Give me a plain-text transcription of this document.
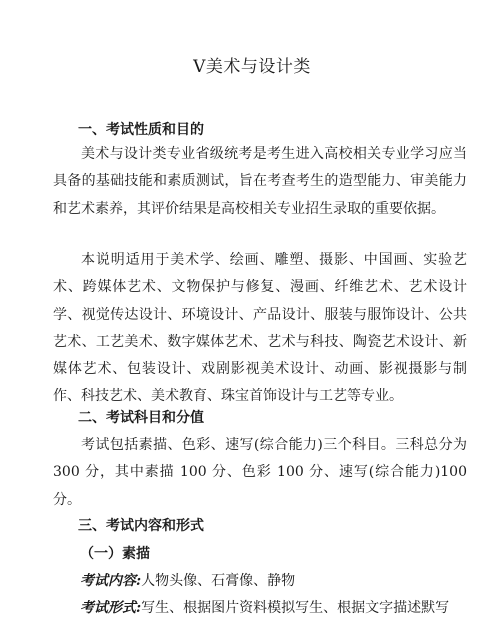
Ⅴ美术与设计类
一、考试性质和目的

美术与设计类专业省级统考是考生进入高校相关专业学习应当具备的基础技能和素质测试，旨在考查考生的造型能力、审美能力和艺术素养，其评价结果是高校相关专业招生录取的重要依据。

本说明适用于美术学、绘画、雕塑、摄影、中国画、实验艺术、跨媒体艺术、文物保护与修复、漫画、纤维艺术、艺术设计学、视觉传达设计、环境设计、产品设计、服装与服饰设计、公共艺术、工艺美术、数字媒体艺术、艺术与科技、陶瓷艺术设计、新媒体艺术、包装设计、戏剧影视美术设计、动画、影视摄影与制作、科技艺术、美术教育、珠宝首饰设计与工艺等专业。

二、考试科目和分值

考试包括素描、色彩、速写(综合能力)三个科目。三科总分为 300 分，其中素描 100 分、色彩 100 分、速写(综合能力)100 分。

三、考试内容和形式
（一）素描
考试内容:人物头像、石膏像、静物
考试形式:写生、根据图片资料模拟写生、根据文字描述默写
